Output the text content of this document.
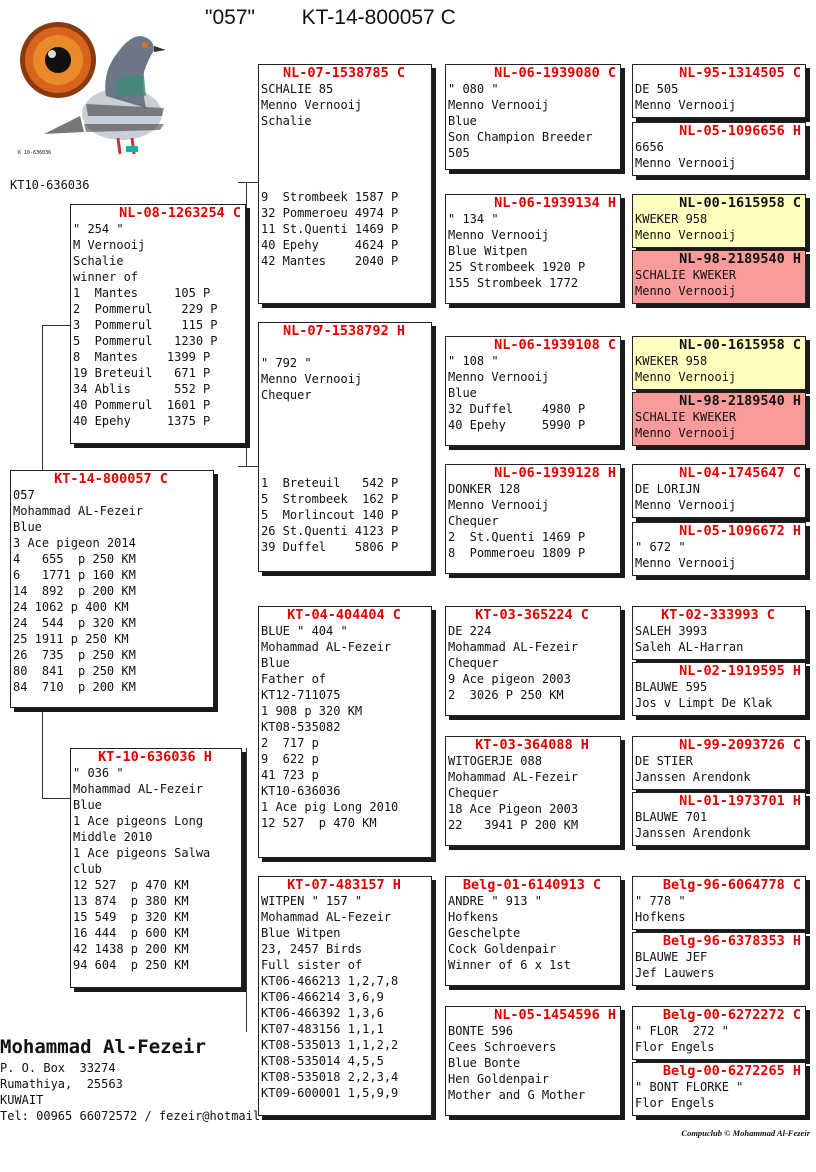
"057" KT-14-800057 C
K 10-636036
KT10-636036
KT-14-800057 C
057
Mohammad AL-Fezeir
Blue
3 Ace pigeon 2014
4   655  p 250 KM
6   1771 p 160 KM
14  892  p 200 KM
24 1062 p 400 KM
24  544  p 320 KM
25 1911 p 250 KM
26  735  p 250 KM
80  841  p 250 KM
84  710  p 200 KM
NL-08-1263254 C
" 254 "
M Vernooij
Schalie
winner of
1  Mantes     105 P
2  Pommerul    229 P
3  Pommerul    115 P
5  Pommerul   1230 P
8  Mantes    1399 P
19 Breteuil   671 P
34 Ablis      552 P
40 Pommerul  1601 P
40 Epehy     1375 P
KT-10-636036 H
" 036 "
Mohammad AL-Fezeir
Blue
1 Ace pigeons Long
Middle 2010
1 Ace pigeons Salwa
club
12 527  p 470 KM
13 874  p 380 KM
15 549  p 320 KM
16 444  p 600 KM
42 1438 p 200 KM
94 604  p 250 KM
NL-07-1538785 C
SCHALIE 85
Menno Vernooij
Schalie
9  Strombeek 1587 P
32 Pommeroeu 4974 P
11 St.Quenti 1469 P
40 Epehy     4624 P
42 Mantes    2040 P
NL-07-1538792 H
" 792 "
Menno Vernooij
Chequer
1  Breteuil   542 P
5  Strombeek  162 P
5  Morlincout 140 P
26 St.Quenti 4123 P
39 Duffel    5806 P
KT-04-404404 C
BLUE " 404 "
Mohammad AL-Fezeir
Blue
Father of
KT12-711075
1 908 p 320 KM
KT08-535082
2  717 p
9  622 p
41 723 p
KT10-636036
1 Ace pig Long 2010
12 527  p 470 KM
KT-07-483157 H
WITPEN " 157 "
Mohammad AL-Fezeir
Blue Witpen
23, 2457 Birds
Full sister of
KT06-466213 1,2,7,8
KT06-466214 3,6,9
KT06-466392 1,3,6
KT07-483156 1,1,1
KT08-535013 1,1,2,2
KT08-535014 4,5,5
KT08-535018 2,2,3,4
KT09-600001 1,5,9,9
NL-06-1939080 C
" 080 "
Menno Vernooij
Blue
Son Champion Breeder
505
NL-06-1939134 H
" 134 "
Menno Vernooij
Blue Witpen
25 Strombeek 1920 P
155 Strombeek 1772
NL-06-1939108 C
" 108 "
Menno Vernooij
Blue
32 Duffel    4980 P
40 Epehy     5990 P
NL-06-1939128 H
DONKER 128
Menno Vernooij
Chequer
2  St.Quenti 1469 P
8  Pommeroeu 1809 P
KT-03-365224 C
DE 224
Mohammad AL-Fezeir
Chequer
9 Ace pigeon 2003
2  3026 P 250 KM
KT-03-364088 H
WITOGERJE 088
Mohammad AL-Fezeir
Chequer
18 Ace Pigeon 2003
22   3941 P 200 KM
Belg-01-6140913 C
ANDRE " 913 "
Hofkens
Geschelpte
Cock Goldenpair
Winner of 6 x 1st
NL-05-1454596 H
BONTE 596
Cees Schroevers
Blue Bonte
Hen Goldenpair
Mother and G Mother
NL-95-1314505 C
DE 505
Menno Vernooij
NL-05-1096656 H
6656
Menno Vernooij
NL-00-1615958 C
KWEKER 958
Menno Vernooij
NL-98-2189540 H
SCHALIE KWEKER
Menno Vernooij
NL-00-1615958 C
KWEKER 958
Menno Vernooij
NL-98-2189540 H
SCHALIE KWEKER
Menno Vernooij
NL-04-1745647 C
DE LORIJN
Menno Vernooij
NL-05-1096672 H
" 672 "
Menno Vernooij
KT-02-333993 C
SALEH 3993
Saleh AL-Harran
NL-02-1919595 H
BLAUWE 595
Jos v Limpt De Klak
NL-99-2093726 C
DE STIER
Janssen Arendonk
NL-01-1973701 H
BLAUWE 701
Janssen Arendonk
Belg-96-6064778 C
" 778 "
Hofkens
Belg-96-6378353 H
BLAUWE JEF
Jef Lauwers
Belg-00-6272272 C
" FLOR  272 "
Flor Engels
Belg-00-6272265 H
" BONT FLORKE "
Flor Engels
Mohammad Al-Fezeir
P. O. Box  33274
Rumathiya,  25563
KUWAIT
Tel: 00965 66072572 / fezeir@hotmail.
Compuclub © Mohammad Al-Fezeir
